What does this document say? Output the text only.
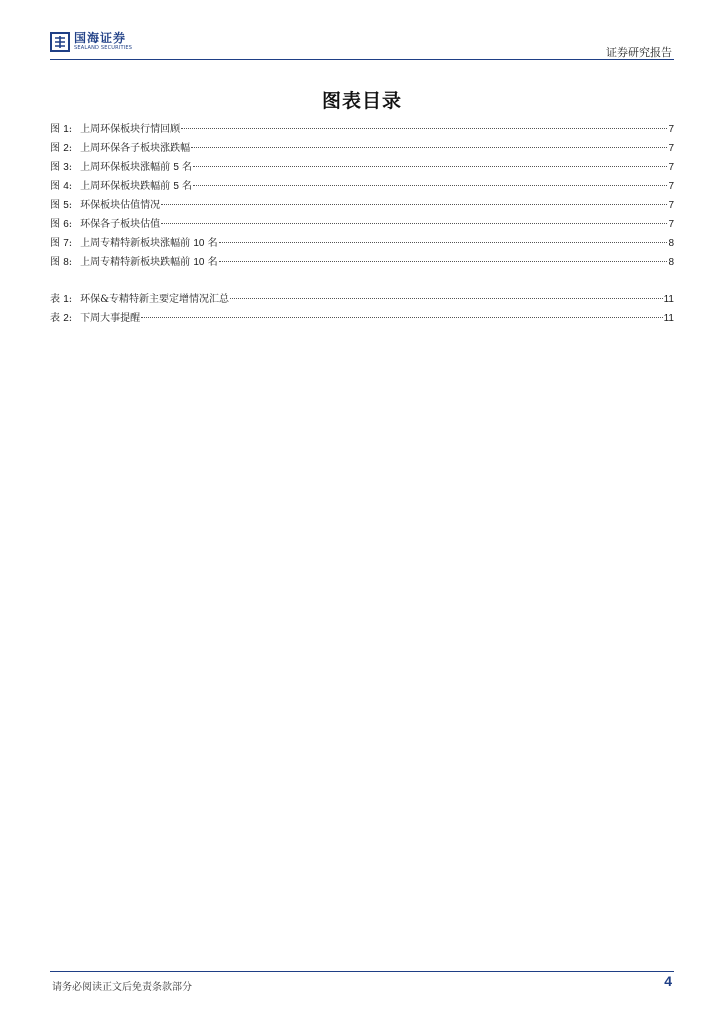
国海证券
SEALAND SECURITIES	证券研究报告
图表目录
图 1: 上周环保板块行情回顾	7
图 2: 上周环保各子板块涨跌幅	7
图 3: 上周环保板块涨幅前 5 名	7
图 4: 上周环保板块跌幅前 5 名	7
图 5: 环保板块估值情况	7
图 6: 环保各子板块估值	7
图 7: 上周专精特新板块涨幅前 10 名	8
图 8: 上周专精特新板块跌幅前 10 名	8
表 1: 环保&专精特新主要定增情况汇总	11
表 2: 下周大事提醒	11
请务必阅读正文后免责条款部分	4
